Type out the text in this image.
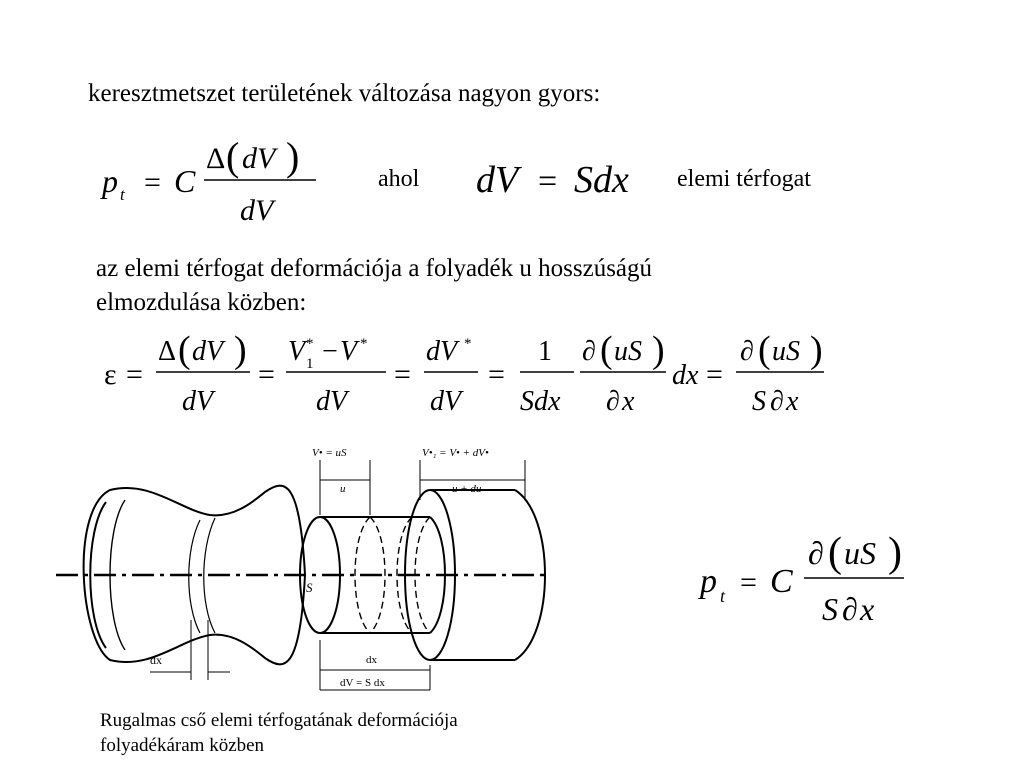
keresztmetszet területének változása nagyon gyors:
p t = C
Δ ( dV )
dV
ahol dV = Sdx elemi térfogat
az elemi térfogat deformációja a folyadék u hosszúságú
elmozdulása közben:
ε =
Δ ( dV )
dV
=
V *
1 − V *
dV
=
dV *
dV
=
1
Sdx
∂ ( uS )
∂ x
dx =
∂ ( uS )
S ∂ x
dx
S
V• = uS	V•₁ = V• + dV•
u	u + du
dx
dV = S dx
p t = C
∂ ( uS )
S ∂ x
Rugalmas cső elemi térfogatának deformációja
folyadékáram közben
